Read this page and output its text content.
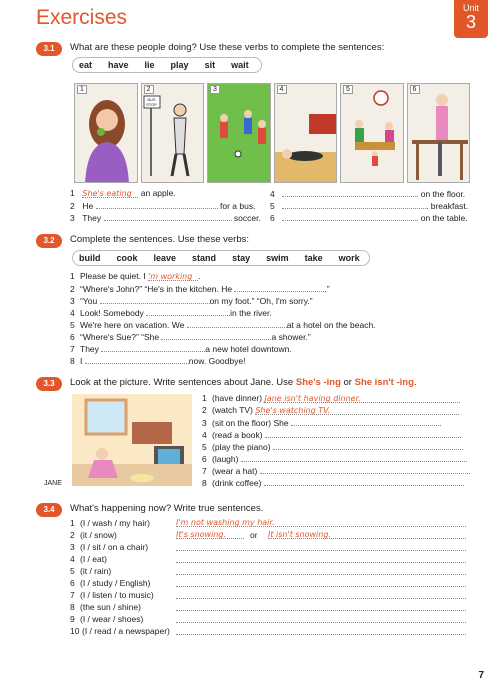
Exercises	Unit
3
3.1	What are these people doing? Use these verbs to complete the sentences:
eat have lie play sit wait
1	2
BUS STOP
3	4	5	6
1 She's eating an apple.
2 He	for a bus.
3 They	soccer.
4	on the floor.
5	breakfast.
6	on the table.
3.2	Complete the sentences. Use these verbs:
build cook leave stand stay swim take work
1 Please be quiet. I 'm working .
2 “Where's John?” “He's in the kitchen. He	.”
3 “You	on my foot.” “Oh, I'm sorry.”
4 Look! Somebody	in the river.
5 We're here on vacation. We	at a hotel on the beach.
6 “Where's Sue?” “She	a shower.”
7 They	a new hotel downtown.
8 I	now. Goodbye!
3.3	Look at the picture. Write sentences about Jane. Use She's -ing or She isn't -ing.
JANE
1 (have dinner) Jane isn't having dinner.
2 (watch TV) She's watching TV.
3 (sit on the floor) She
4 (read a book)
5 (play the piano)
6 (laugh)
7 (wear a hat)
8 (drink coffee)
3.4	What's happening now? Write true sentences.
1 (I / wash / my hair)	I'm not washing my hair.
2 (it / snow)	It's snowing.	or It isn't snowing.
3 (I / sit / on a chair)
4 (I / eat)
5 (it / rain)
6 (I / study / English)
7 (I / listen / to music)
8 (the sun / shine)
9 (I / wear / shoes)
10 (I / read / a newspaper)
7
